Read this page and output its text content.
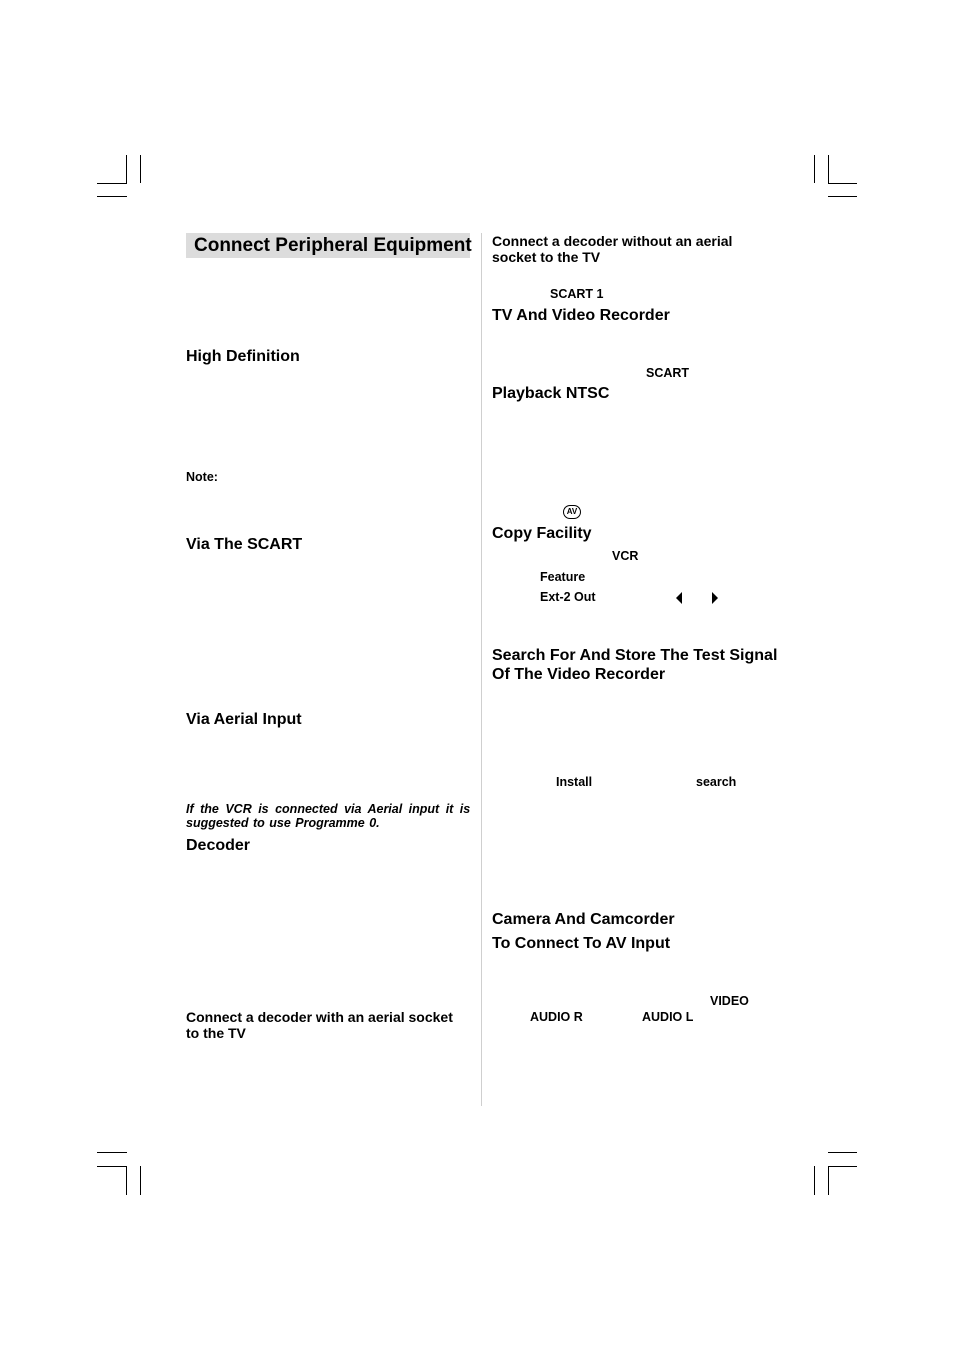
Connect Peripheral Equipment
High Definition
Note:
Via The SCART
Via Aerial Input
If the VCR is connected via Aerial input it is
suggested to use Programme 0.
Decoder
Connect a decoder with an aerial socket
to the TV
Connect a decoder without an aerial
socket to the TV
SCART 1
TV And Video Recorder
SCART
Playback NTSC
AV
Copy Facility
VCR
Feature
Ext-2 Out
Search For And Store The Test Signal
Of The Video Recorder
Install	search
Camera And Camcorder
To Connect To AV Input
VIDEO
AUDIO R	AUDIO L
